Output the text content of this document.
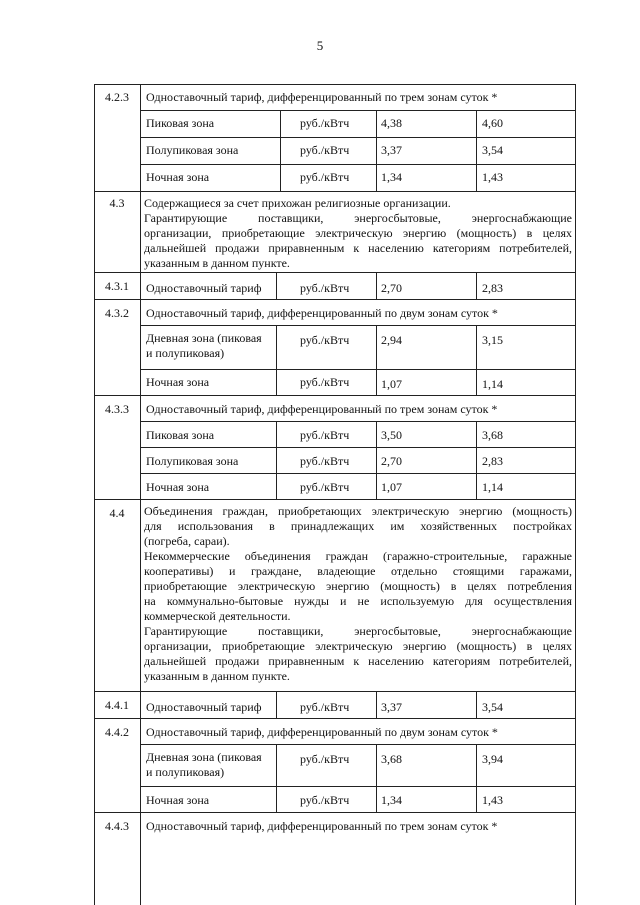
5
4.2.3	Одноставочный тариф, дифференцированный по трем зонам суток *
Пиковая зона	руб./кВтч	4,38	4,60
Полупиковая зона	руб./кВтч	3,37	3,54
Ночная зона	руб./кВтч	1,34	1,43
4.3	Содержащиеся за счет прихожан религиозные организации.
Гарантирующие поставщики, энергосбытовые, энергоснабжающие
организации, приобретающие электрическую энергию (мощность) в целях
дальнейшей продажи приравненным к населению категориям потребителей,
указанным в данном пункте.
4.3.1	Одноставочный тариф	руб./кВтч	2,70	2,83
4.3.2	Одноставочный тариф, дифференцированный по двум зонам суток *
Дневная зона (пиковая
и полупиковая)
руб./кВтч	2,94	3,15
Ночная зона	руб./кВтч	1,07	1,14
4.3.3	Одноставочный тариф, дифференцированный по трем зонам суток *
Пиковая зона	руб./кВтч	3,50	3,68
Полупиковая зона	руб./кВтч	2,70	2,83
Ночная зона	руб./кВтч	1,07	1,14
4.4	Объединения граждан, приобретающих электрическую энергию (мощность)
для использования в принадлежащих им хозяйственных постройках
(погреба, сараи).
Некоммерческие объединения граждан (гаражно-строительные, гаражные
кооперативы) и граждане, владеющие отдельно стоящими гаражами,
приобретающие электрическую энергию (мощность) в целях потребления
на коммунально-бытовые нужды и не используемую для осуществления
коммерческой деятельности.
Гарантирующие поставщики, энергосбытовые, энергоснабжающие
организации, приобретающие электрическую энергию (мощность) в целях
дальнейшей продажи приравненным к населению категориям потребителей,
указанным в данном пункте.
4.4.1	Одноставочный тариф	руб./кВтч	3,37	3,54
4.4.2	Одноставочный тариф, дифференцированный по двум зонам суток *
Дневная зона (пиковая
и полупиковая)
руб./кВтч	3,68	3,94
Ночная зона	руб./кВтч	1,34	1,43
4.4.3	Одноставочный тариф, дифференцированный по трем зонам суток *
